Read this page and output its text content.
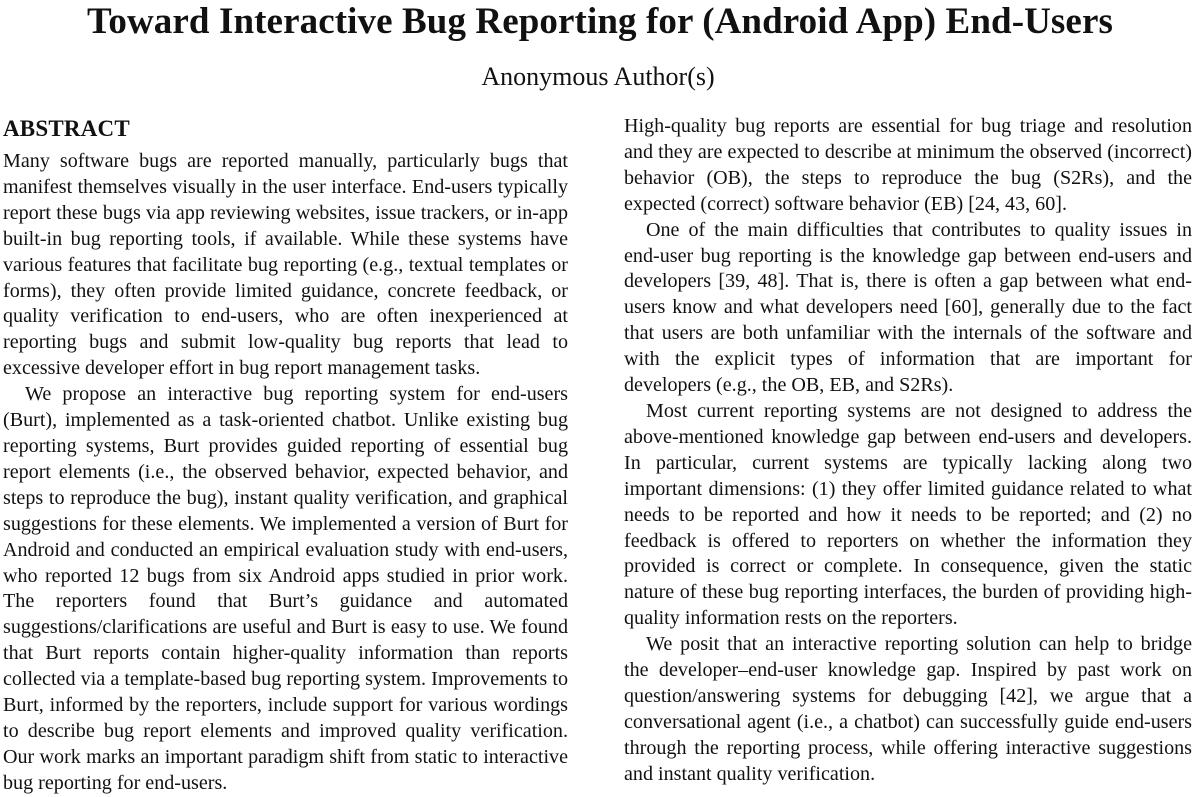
Toward Interactive Bug Reporting for (Android App) End-Users
Anonymous Author(s)
ABSTRACT

Many software bugs are reported manually, particularly bugs that manifest themselves visually in the user interface. End-users typically report these bugs via app reviewing websites, issue trackers, or in-app built-in bug reporting tools, if available. While these systems have various features that facilitate bug reporting (e.g., textual templates or forms), they often provide limited guidance, concrete feedback, or quality verification to end-users, who are often inexperienced at reporting bugs and submit low-quality bug reports that lead to excessive developer effort in bug report management tasks.

We propose an interactive bug reporting system for end-users (Burt), implemented as a task-oriented chatbot. Unlike existing bug reporting systems, Burt provides guided reporting of essential bug report elements (i.e., the observed behavior, expected behavior, and steps to reproduce the bug), instant quality verification, and graphical suggestions for these elements. We implemented a version of Burt for Android and conducted an empirical evaluation study with end-users, who reported 12 bugs from six Android apps studied in prior work. The reporters found that Burt’s guidance and automated suggestions/clarifications are useful and Burt is easy to use. We found that Burt reports contain higher-quality information than reports collected via a template-based bug reporting system. Improvements to Burt, informed by the reporters, include support for various wordings to describe bug report elements and improved quality verification. Our work marks an important paradigm shift from static to interactive bug reporting for end-users.

High-quality bug reports are essential for bug triage and resolution and they are expected to describe at minimum the observed (incorrect) behavior (OB), the steps to reproduce the bug (S2Rs), and the expected (correct) software behavior (EB) [24, 43, 60].

One of the main difficulties that contributes to quality issues in end-user bug reporting is the knowledge gap between end-users and developers [39, 48]. That is, there is often a gap between what end-users know and what developers need [60], generally due to the fact that users are both unfamiliar with the internals of the software and with the explicit types of information that are important for developers (e.g., the OB, EB, and S2Rs).

Most current reporting systems are not designed to address the above-mentioned knowledge gap between end-users and developers. In particular, current systems are typically lacking along two important dimensions: (1) they offer limited guidance related to what needs to be reported and how it needs to be reported; and (2) no feedback is offered to reporters on whether the information they provided is correct or complete. In consequence, given the static nature of these bug reporting interfaces, the burden of providing high-quality information rests on the reporters.

We posit that an interactive reporting solution can help to bridge the developer–end-user knowledge gap. Inspired by past work on question/answering systems for debugging [42], we argue that a conversational agent (i.e., a chatbot) can successfully guide end-users through the reporting process, while offering interactive suggestions and instant quality verification.
